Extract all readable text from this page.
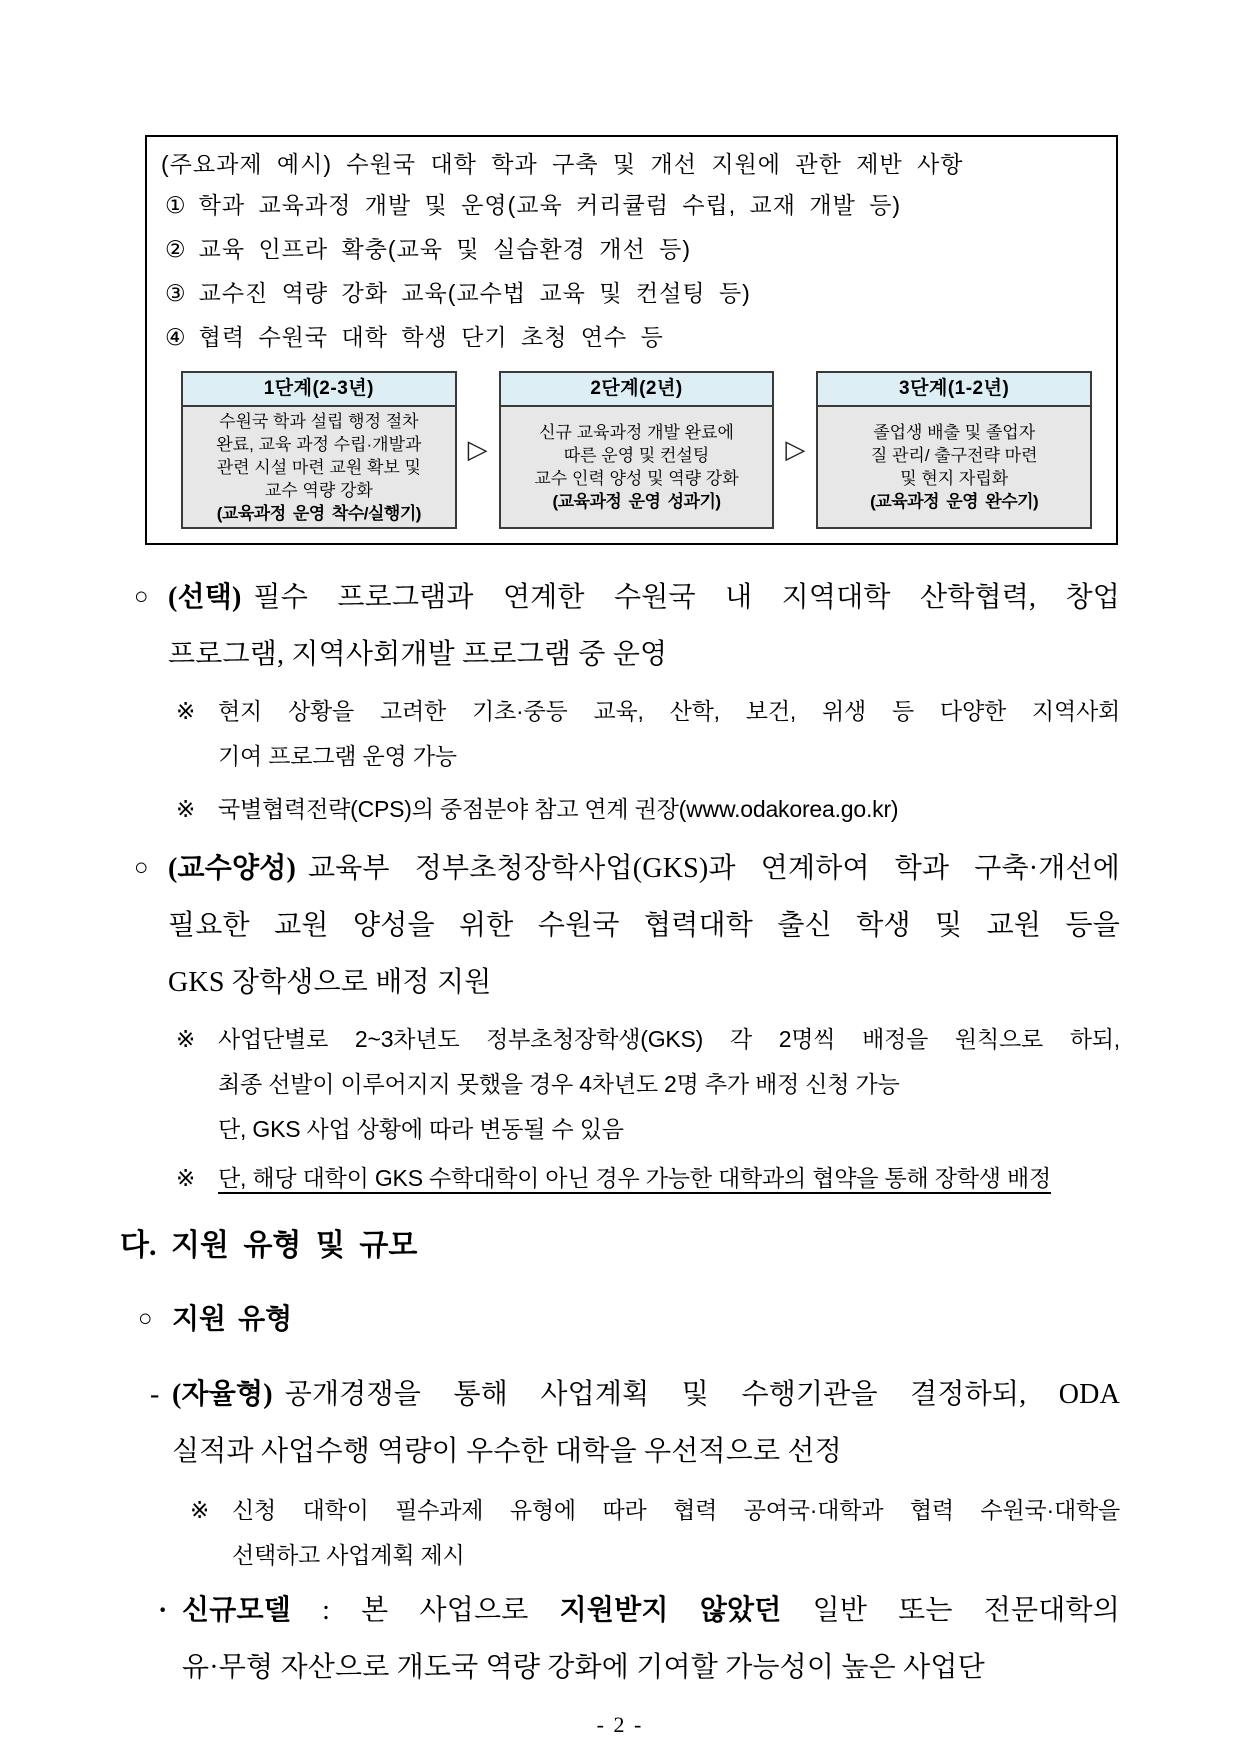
(주요과제 예시) 수원국 대학 학과 구축 및 개선 지원에 관한 제반 사항
① 학과 교육과정 개발 및 운영(교육 커리큘럼 수립, 교재 개발 등)
② 교육 인프라 확충(교육 및 실습환경 개선 등)
③ 교수진 역량 강화 교육(교수법 교육 및 컨설팅 등)
④ 협력 수원국 대학 학생 단기 초청 연수 등
1단계(2-3년)
수원국 학과 설립 행정 절차
완료, 교육 과정 수립·개발과
관련 시설 마련 교원 확보 및
교수 역량 강화
(교육과정 운영 착수/실행기)
▷
2단계(2년)
신규 교육과정 개발 완료에
따른 운영 및 컨설팅
교수 인력 양성 및 역량 강화
(교육과정 운영 성과기)
▷
3단계(1-2년)
졸업생 배출 및 졸업자
질 관리/ 출구전략 마련
및 현지 자립화
(교육과정 운영 완수기)
○ (선택) 필수 프로그램과 연계한 수원국 내 지역대학 산학협력, 창업
프로그램, 지역사회개발 프로그램 중 운영
※ 현지 상황을 고려한 기초·중등 교육, 산학, 보건, 위생 등 다양한 지역사회
기여 프로그램 운영 가능
※ 국별협력전략(CPS)의 중점분야 참고 연계 권장(www.odakorea.go.kr)
○ (교수양성) 교육부 정부초청장학사업(GKS)과 연계하여 학과 구축·개선에
필요한 교원 양성을 위한 수원국 협력대학 출신 학생 및 교원 등을
GKS 장학생으로 배정 지원
※ 사업단별로 2~3차년도 정부초청장학생(GKS) 각 2명씩 배정을 원칙으로 하되,
최종 선발이 이루어지지 못했을 경우 4차년도 2명 추가 배정 신청 가능
단, GKS 사업 상황에 따라 변동될 수 있음
※ 단, 해당 대학이 GKS 수학대학이 아닌 경우 가능한 대학과의 협약을 통해 장학생 배정
다. 지원 유형 및 규모
○ 지원 유형
- (자율형) 공개경쟁을 통해 사업계획 및 수행기관을 결정하되, ODA
실적과 사업수행 역량이 우수한 대학을 우선적으로 선정
※ 신청 대학이 필수과제 유형에 따라 협력 공여국·대학과 협력 수원국·대학을
선택하고 사업계획 제시
· 신규모델 : 본 사업으로 지원받지 않았던 일반 또는 전문대학의
유·무형 자산으로 개도국 역량 강화에 기여할 가능성이 높은 사업단
- 2 -
